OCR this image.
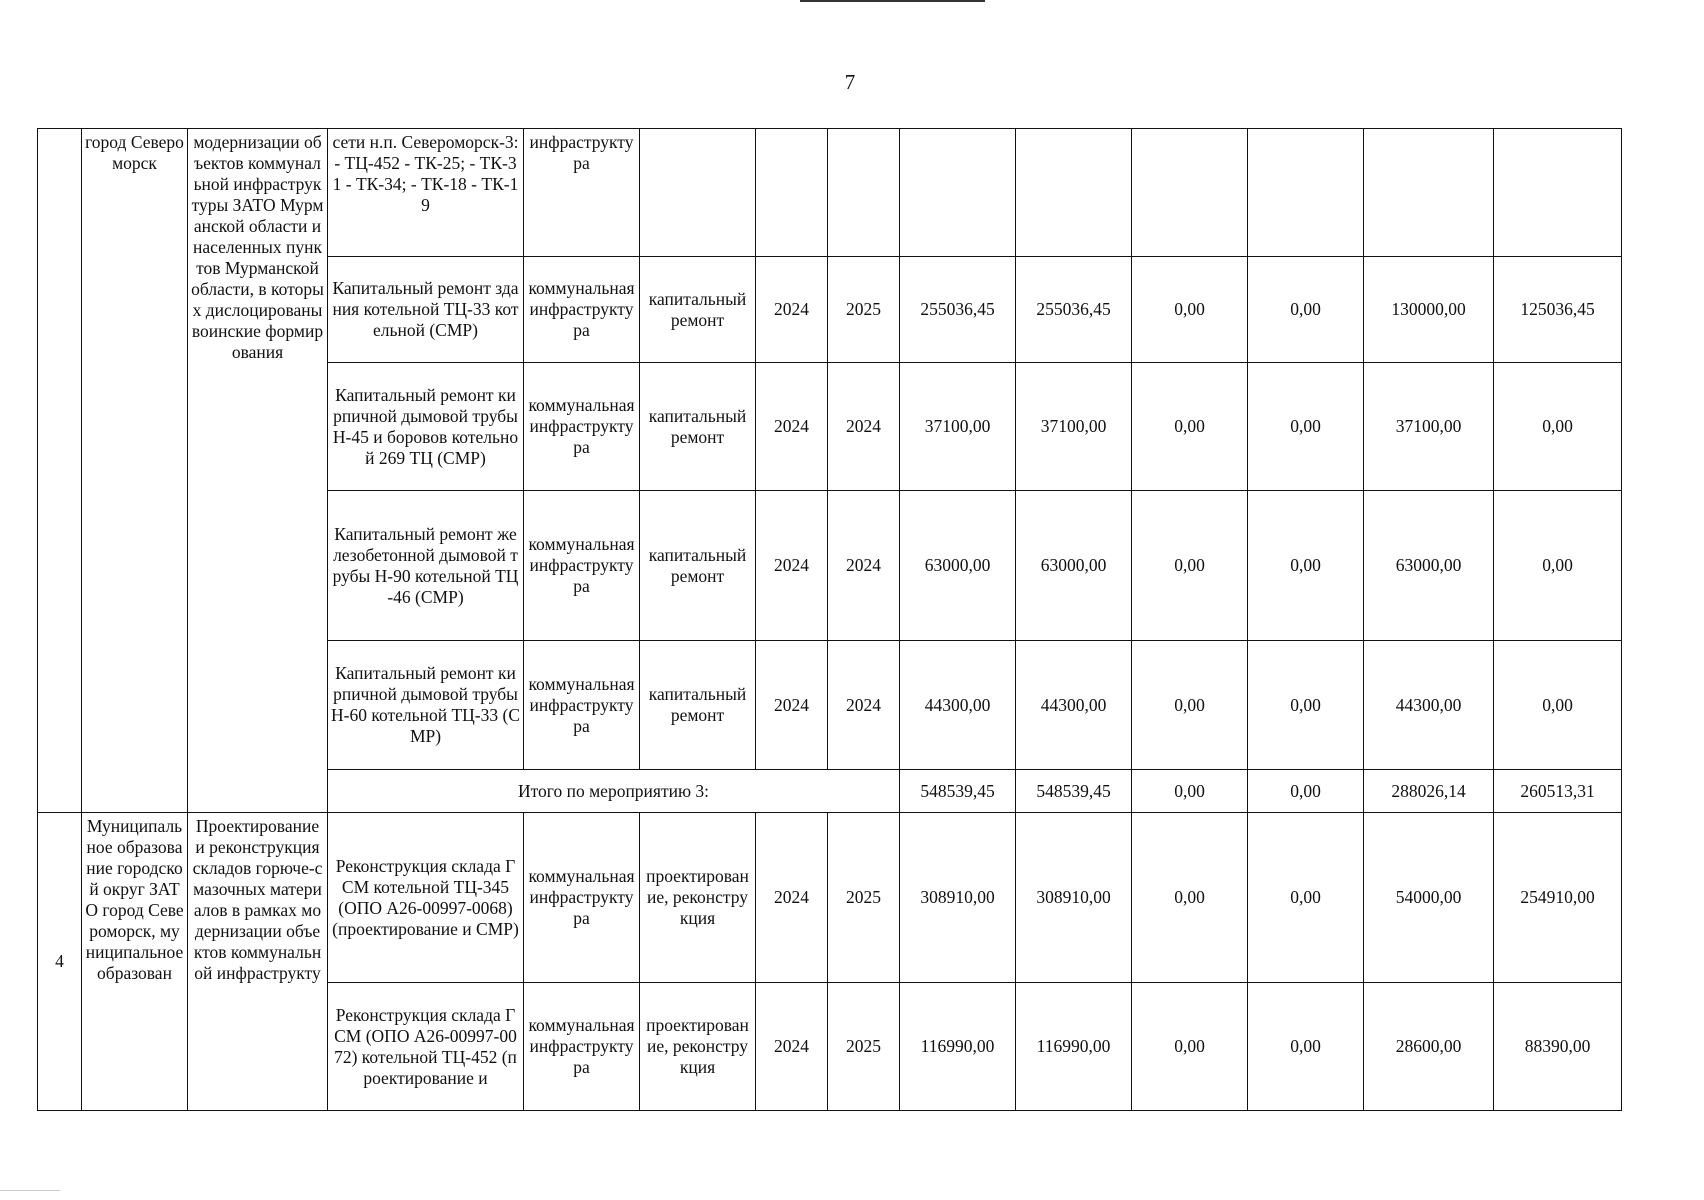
7
	город Североморск	модернизации объектов коммунальной инфраструктуры ЗАТО Мурманской области и населенных пунктов Мурманской области, в которых дислоцированы воинские формирования	сети н.п. Североморск-3: - ТЦ-452 - ТК-25; - ТК-31 - ТК-34; - ТК-18 - ТК-19	инфраструктура									
			Капитальный ремонт здания котельной ТЦ-33 котельной (СМР)	коммунальная инфраструктура	капитальный ремонт	2024	2025	255036,45	255036,45	0,00	0,00	130000,00	125036,45
			Капитальный ремонт кирпичной дымовой трубы Н-45 и боровов котельной 269 ТЦ (СМР)	коммунальная инфраструктура	капитальный ремонт	2024	2024	37100,00	37100,00	0,00	0,00	37100,00	0,00
			Капитальный ремонт железобетонной дымовой трубы Н-90 котельной ТЦ-46 (СМР)	коммунальная инфраструктура	капитальный ремонт	2024	2024	63000,00	63000,00	0,00	0,00	63000,00	0,00
			Капитальный ремонт кирпичной дымовой трубы Н-60 котельной ТЦ-33 (СМР)	коммунальная инфраструктура	капитальный ремонт	2024	2024	44300,00	44300,00	0,00	0,00	44300,00	0,00
			Итого по мероприятию 3:					548539,45	548539,45	0,00	0,00	288026,14	260513,31
4	Муниципальное образование городской округ ЗАТО город Североморск, муниципальное образован	Проектирование и реконструкция складов горюче-смазочных материалов в рамках модернизации объектов коммунальной инфраструкту	Реконструкция склада ГСМ котельной ТЦ-345 (ОПО А26-00997-0068) (проектирование и СМР)	коммунальная инфраструктура	проектирование, реконструкция	2024	2025	308910,00	308910,00	0,00	0,00	54000,00	254910,00
			Реконструкция склада ГСМ (ОПО А26-00997-0072) котельной ТЦ-452 (проектирование и	коммунальная инфраструктура	проектирование, реконструкция	2024	2025	116990,00	116990,00	0,00	0,00	28600,00	88390,00
